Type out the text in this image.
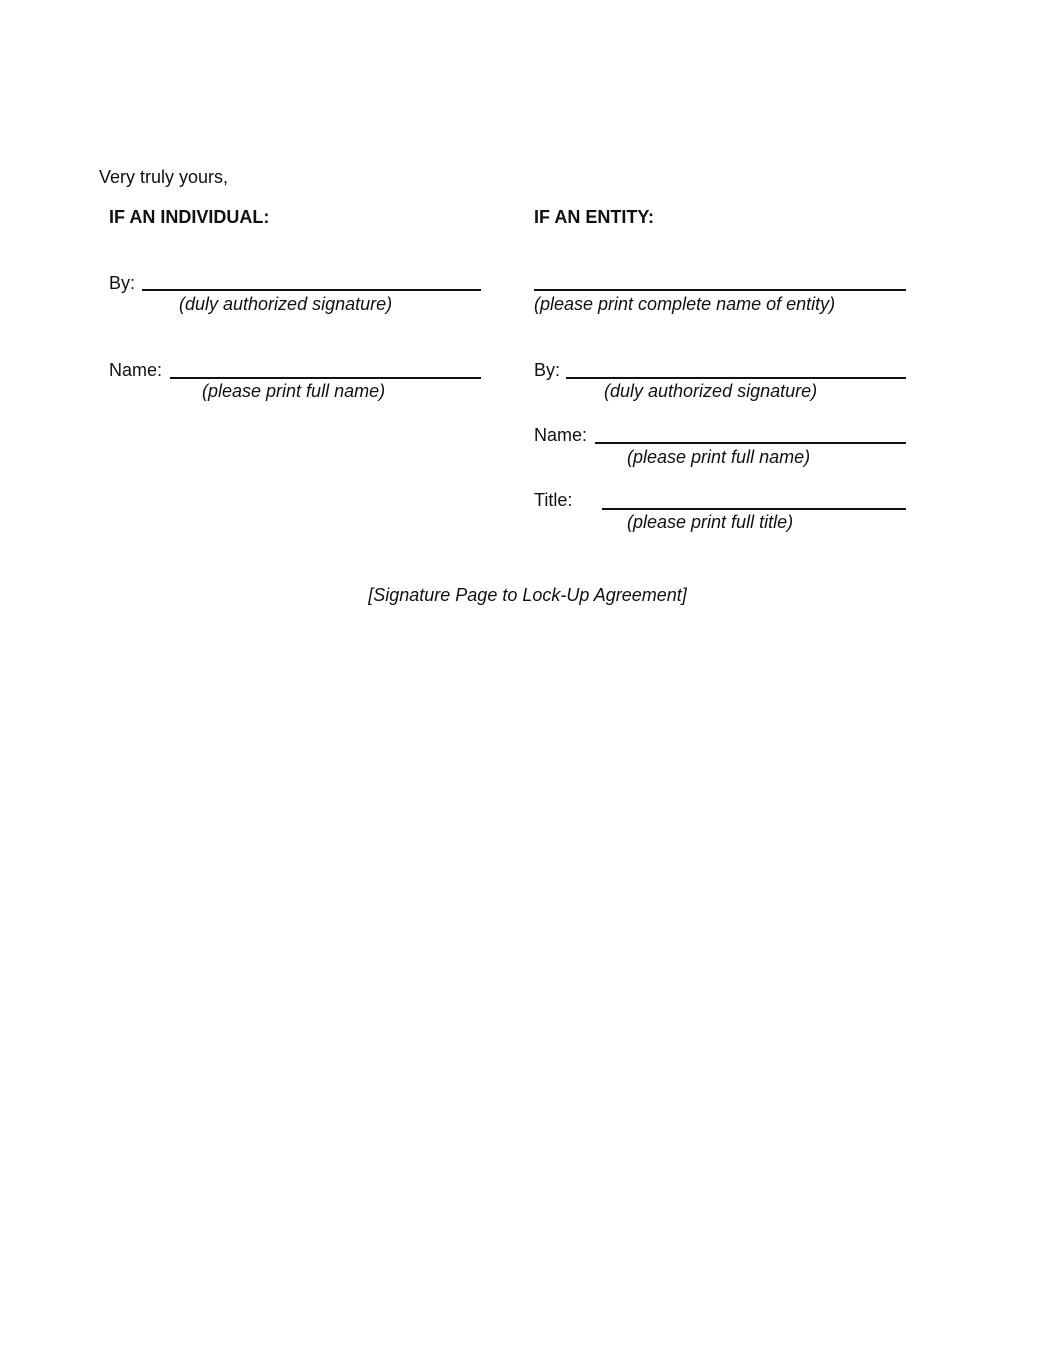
Very truly yours,
IF AN INDIVIDUAL:
By:
(duly authorized signature)
Name:
(please print full name)
IF AN ENTITY:
(please print complete name of entity)
By:
(duly authorized signature)
Name:
(please print full name)
Title:
(please print full title)
[Signature Page to Lock-Up Agreement]
